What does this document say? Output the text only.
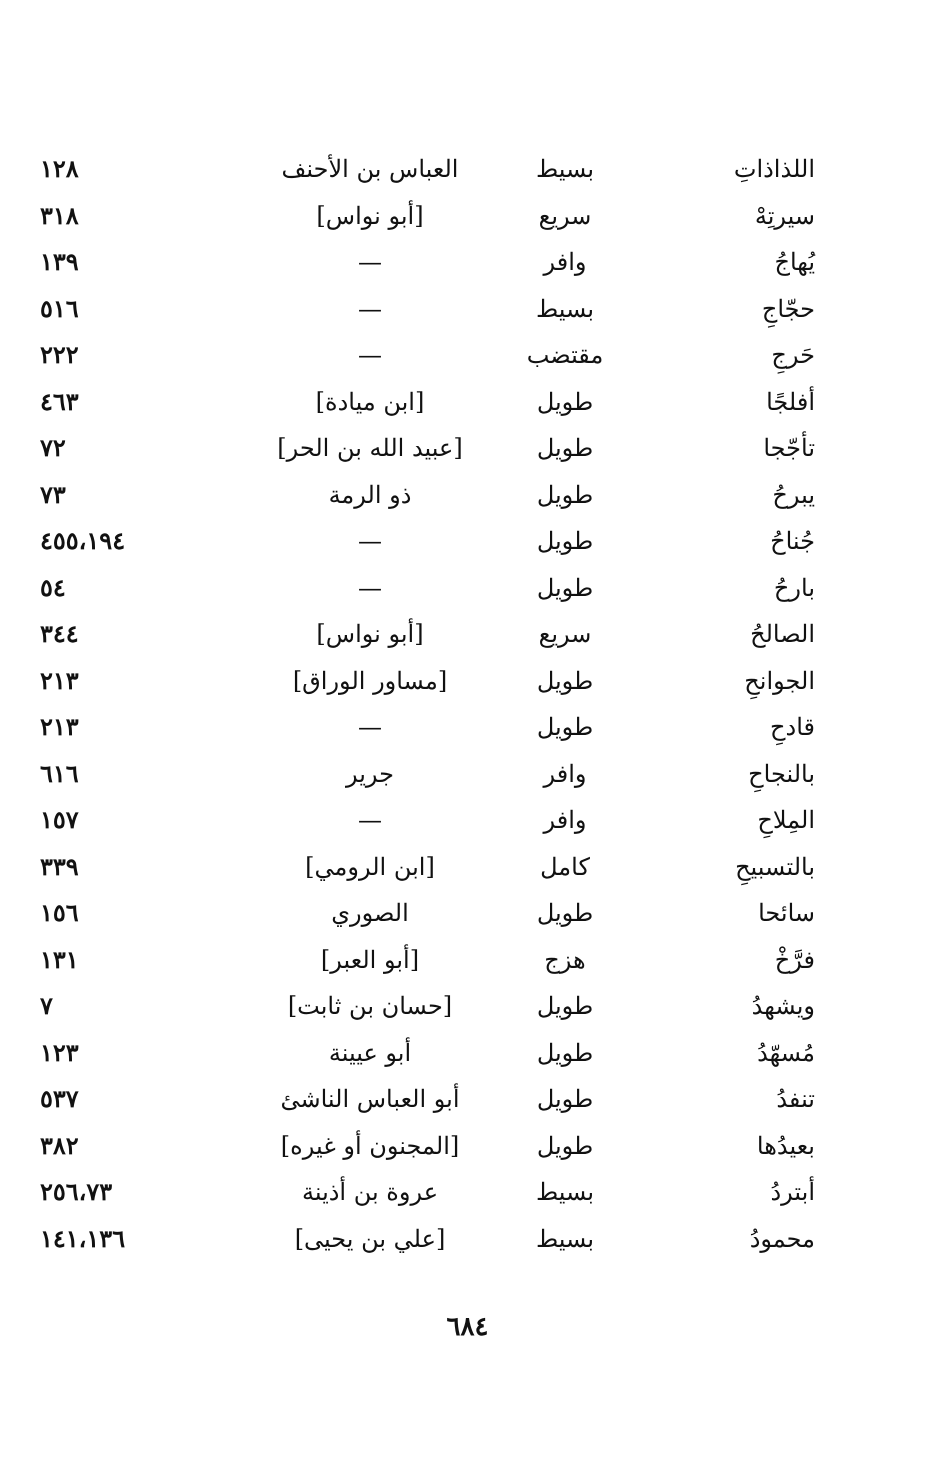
اللذاذاتِ
بسيط
العباس بن الأحنف
١٢٨
سيرتِهْ
سريع
[أبو نواس]
٣١٨
يُهاجُ
وافر
—
١٣٩
حجّاجِ
بسيط
—
٥١٦
حَرجِ
مقتضب
—
٢٢٢
أفلجًا
طويل
[ابن ميادة]
٤٦٣
تأجّجا
طويل
[عبيد الله بن الحر]
٧٢
يبرحُ
طويل
ذو الرمة
٧٣
جُناحُ
طويل
—
٤٥٥،١٩٤
بارحُ
طويل
—
٥٤
الصالحُ
سريع
[أبو نواس]
٣٤٤
الجوانحِ
طويل
[مساور الوراق]
٢١٣
قادحِ
طويل
—
٢١٣
بالنجاحِ
وافر
جرير
٦١٦
المِلاحِ
وافر
—
١٥٧
بالتسبيحِ
كامل
[ابن الرومي]
٣٣٩
سائحا
طويل
الصوري
١٥٦
فرَّخْ
هزج
[أبو العبر]
١٣١
ويشهدُ
طويل
[حسان بن ثابت]
٧
مُسهّدُ
طويل
أبو عيينة
١٢٣
تنفدُ
طويل
أبو العباس الناشئ
٥٣٧
بعيدُها
طويل
[المجنون أو غيره]
٣٨٢
أبتردُ
بسيط
عروة بن أذينة
٢٥٦،٧٣
محمودُ
بسيط
[علي بن يحيى]
١٤١،١٣٦
٦٨٤
